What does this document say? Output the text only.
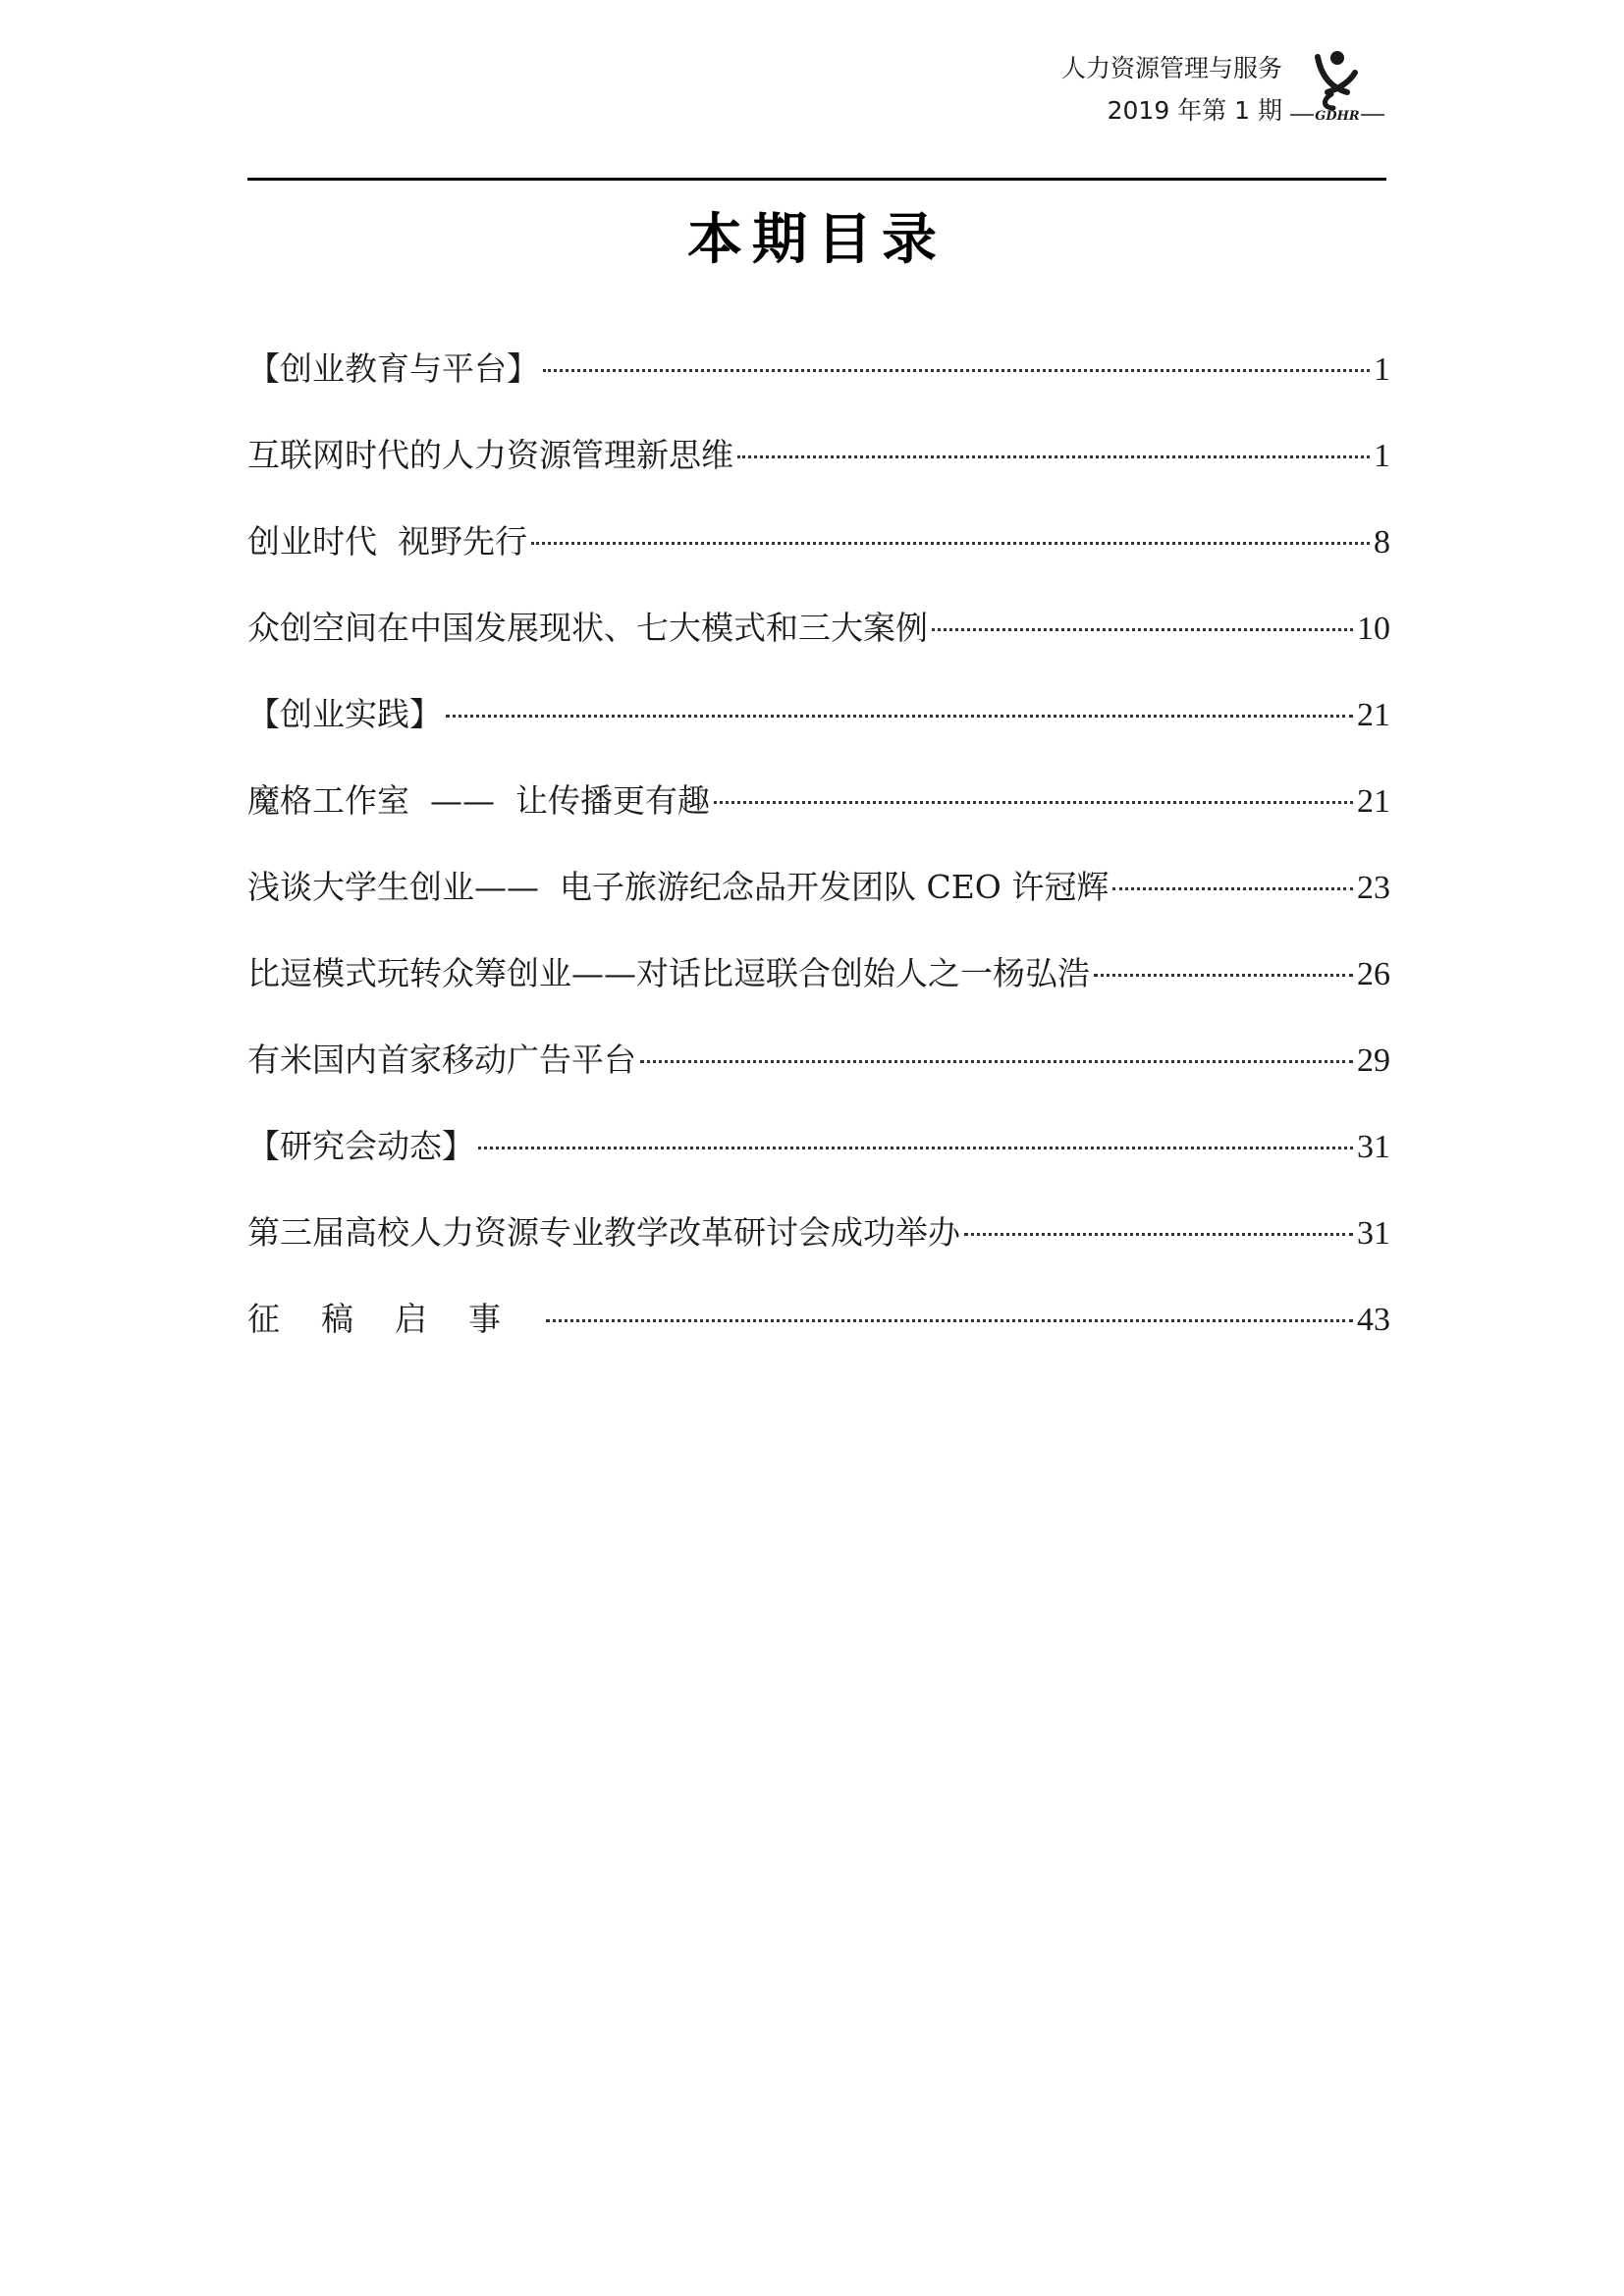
人力资源管理与服务
2019 年第 1 期	GDHR
本期目录
【创业教育与平台】	1
互联网时代的人力资源管理新思维	1
创业时代  视野先行	8
众创空间在中国发展现状、七大模式和三大案例	10
【创业实践】	21
魔格工作室  ——  让传播更有趣	21
浅谈大学生创业——  电子旅游纪念品开发团队 CEO 许冠辉	23
比逗模式玩转众筹创业——对话比逗联合创始人之一杨弘浩	26
有米国内首家移动广告平台	29
【研究会动态】	31
第三届高校人力资源专业教学改革研讨会成功举办	31
征稿启事	43
